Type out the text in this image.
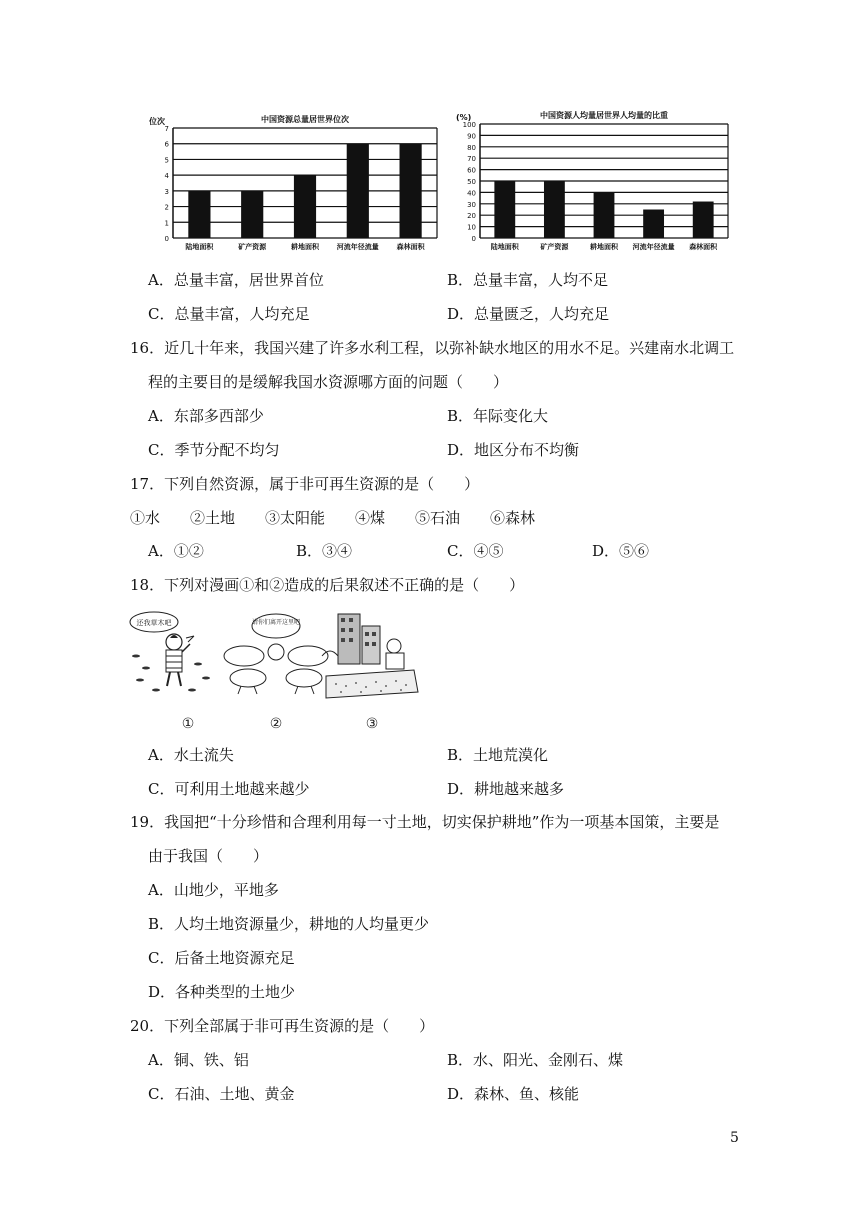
中国资源总量居世界位次
位次
0
1
2
3
4
5
6
7
陆地面积	矿产资源	耕地面积	河流年径流量	森林面积
中国资源人均量居世界人均量的比重
(%)
0
10
20
30
40
50
60
70
80
90
100
陆地面积	矿产资源	耕地面积 河流年径流量 森林面积
A．总量丰富，居世界首位	B．总量丰富，人均不足
C．总量丰富，人均充足	D．总量匮乏，人均充足
16．近几十年来，我国兴建了许多水利工程，以弥补缺水地区的用水不足。兴建南水北调工
程的主要目的是缓解我国水资源哪方面的问题（　　）
A．东部多西部少	B．年际变化大
C．季节分配不均匀	D．地区分布不均衡
17．下列自然资源，属于非可再生资源的是（　　）
①水　　②土地　　③太阳能　　④煤　　⑤石油　　⑥森林
A．①②	B．③④	C．④⑤	D．⑤⑥
18．下列对漫画①和②造成的后果叙述不正确的是（　　）
还我草木吧	请你们离开这里吧
①	②	③
A．水土流失	B．土地荒漠化
C．可利用土地越来越少	D．耕地越来越多
19．我国把“十分珍惜和合理利用每一寸土地，切实保护耕地”作为一项基本国策，主要是
由于我国（　　）
A．山地少，平地多
B．人均土地资源量少，耕地的人均量更少
C．后备土地资源充足
D．各种类型的土地少
20．下列全部属于非可再生资源的是（　　）
A．铜、铁、铝	B．水、阳光、金刚石、煤
C．石油、土地、黄金	D．森林、鱼、核能
5
